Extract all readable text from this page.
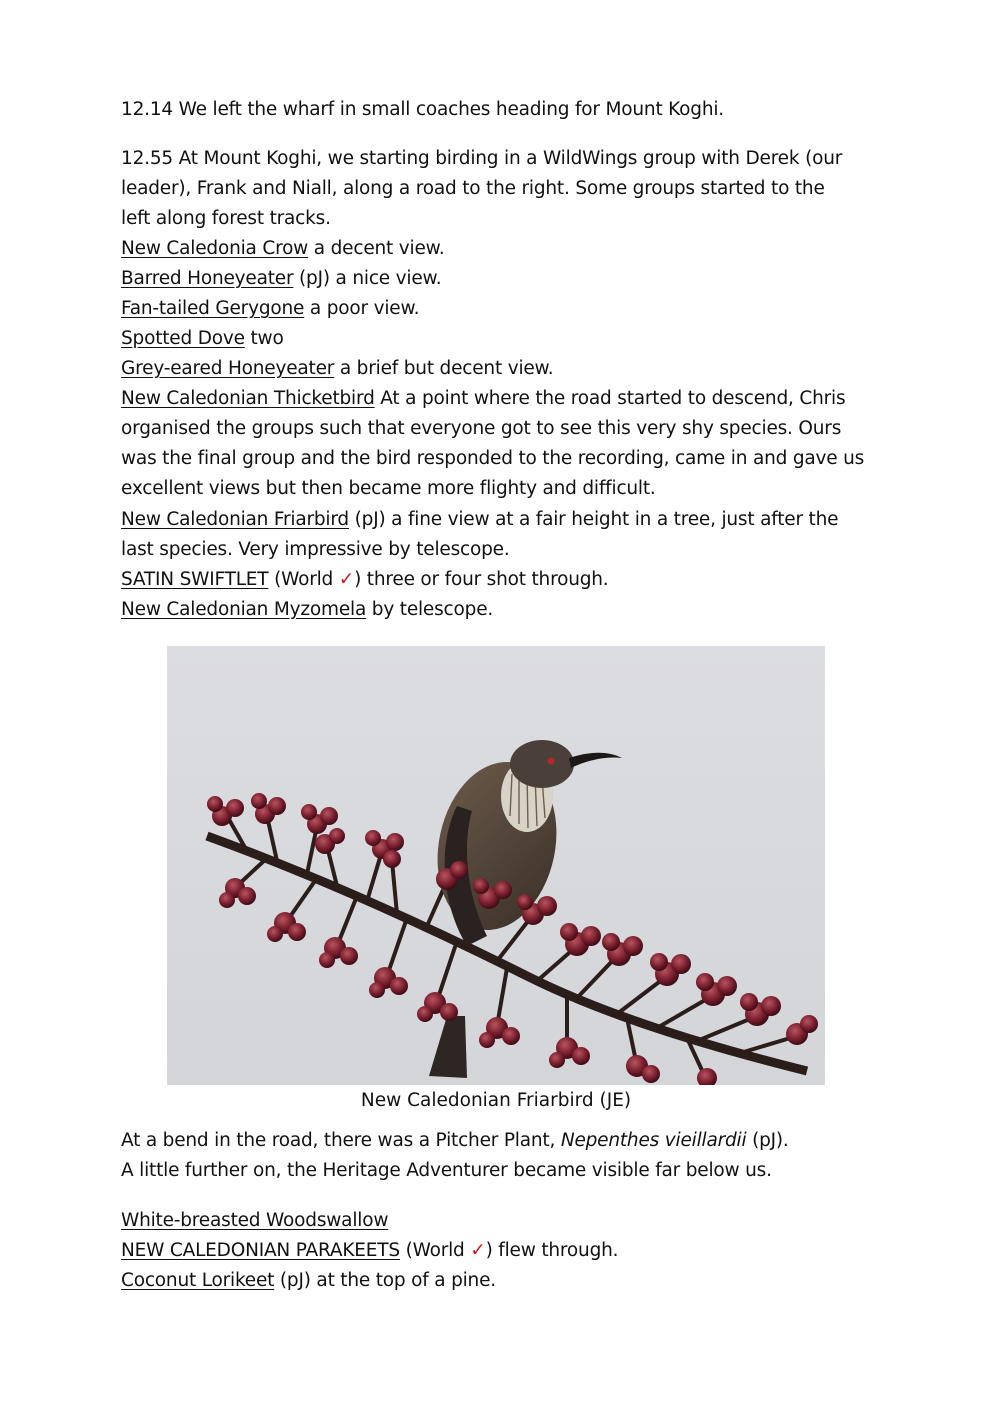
12.14 We left the wharf in small coaches heading for Mount Koghi.
12.55 At Mount Koghi, we starting birding in a WildWings group with Derek (our
leader), Frank and Niall, along a road to the right. Some groups started to the
left along forest tracks.
New Caledonia Crow a decent view.
Barred Honeyeater (pJ) a nice view.
Fan-tailed Gerygone a poor view.
Spotted Dove two
Grey-eared Honeyeater a brief but decent view.
New Caledonian Thicketbird At a point where the road started to descend, Chris
organised the groups such that everyone got to see this very shy species. Ours
was the final group and the bird responded to the recording, came in and gave us
excellent views but then became more flighty and difficult.
New Caledonian Friarbird (pJ) a fine view at a fair height in a tree, just after the
last species. Very impressive by telescope.
SATIN SWIFTLET (World ✓) three or four shot through.
New Caledonian Myzomela by telescope.
New Caledonian Friarbird (JE)
At a bend in the road, there was a Pitcher Plant, Nepenthes vieillardii (pJ).
A little further on, the Heritage Adventurer became visible far below us.
White-breasted Woodswallow
NEW CALEDONIAN PARAKEETS (World ✓) flew through.
Coconut Lorikeet (pJ) at the top of a pine.
